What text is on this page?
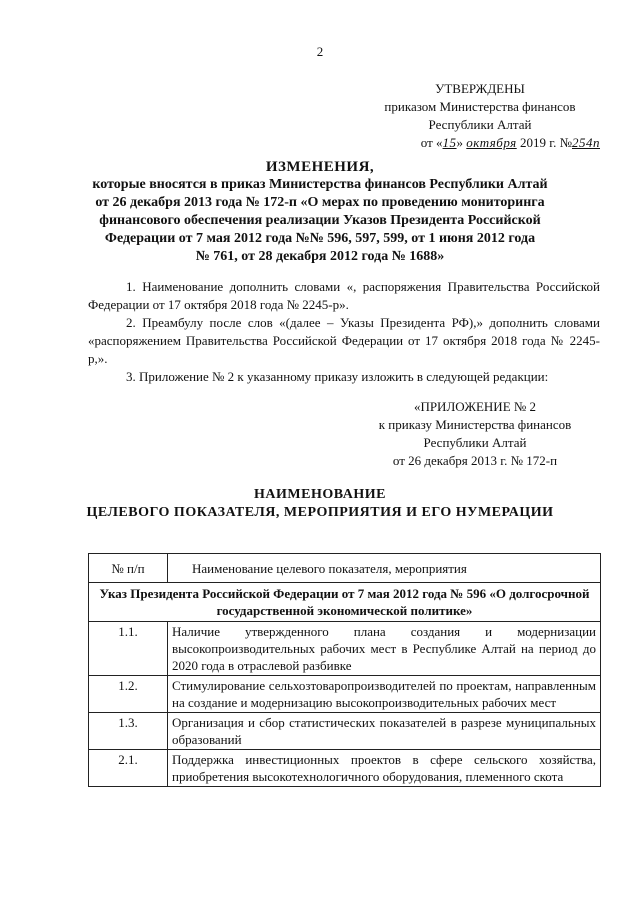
2
УТВЕРЖДЕНЫ
приказом Министерства финансов
Республики Алтай
от «15» октября 2019 г. №254п
ИЗМЕНЕНИЯ,
которые вносятся в приказ Министерства финансов Республики Алтай
от 26 декабря 2013 года № 172-п «О мерах по проведению мониторинга
финансового обеспечения реализации Указов Президента Российской
Федерации от 7 мая 2012 года №№ 596, 597, 599, от 1 июня 2012 года
№ 761, от 28 декабря 2012 года № 1688»

1. Наименование дополнить словами «, распоряжения Правительства Российской Федерации от 17 октября 2018 года № 2245-р».

2. Преамбулу после слов «(далее – Указы Президента РФ),» дополнить словами «распоряжением Правительства Российской Федерации от 17 октября 2018 года № 2245-р,».

3. Приложение № 2 к указанному приказу изложить в следующей редакции:

«ПРИЛОЖЕНИЕ № 2
к приказу Министерства финансов
Республики Алтай
от 26 декабря 2013 г. № 172-п
НАИМЕНОВАНИЕ
ЦЕЛЕВОГО ПОКАЗАТЕЛЯ, МЕРОПРИЯТИЯ И ЕГО НУМЕРАЦИИ
№ п/п	Наименование целевого показателя, мероприятия
Указ Президента Российской Федерации от 7 мая 2012 года № 596 «О долгосрочной государственной экономической политике»	
1.1.	Наличие утвержденного плана создания и модернизации высокопроизводительных рабочих мест в Республике Алтай на период до 2020 года в отраслевой разбивке
1.2.	Стимулирование сельхозтоваропроизводителей по проектам, направленным на создание и модернизацию высокопроизводительных рабочих мест
1.3.	Организация и сбор статистических показателей в разрезе муниципальных образований
2.1.	Поддержка инвестиционных проектов в сфере сельского хозяйства, приобретения высокотехнологичного оборудования, племенного скота
